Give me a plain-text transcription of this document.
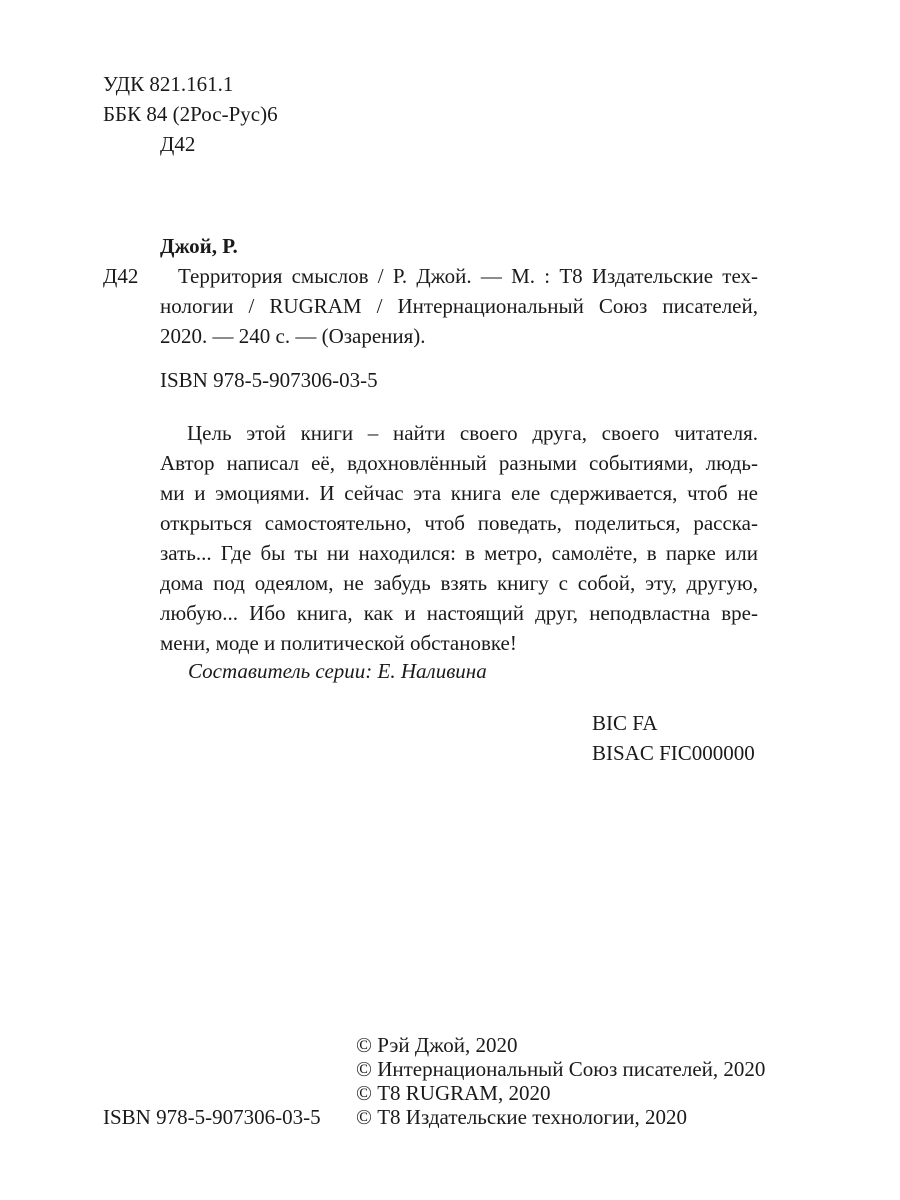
УДК 821.161.1
ББК 84 (2Рос-Рус)6
Д42
Джой, Р.
Д42 Территория смыслов / Р. Джой. — М. : Т8 Издательские тех-
нологии / RUGRAM / Интернациональный Союз писателей,
2020. — 240 с. — (Озарения).
ISBN 978-5-907306-03-5
Цель этой книги – найти своего друга, своего читателя.
Автор написал её, вдохновлённый разными событиями, людь-
ми и эмоциями. И сейчас эта книга еле сдерживается, чтоб не
открыться самостоятельно, чтоб поведать, поделиться, расска-
зать... Где бы ты ни находился: в метро, самолёте, в парке или
дома под одеялом, не забудь взять книгу с собой, эту, другую,
любую... Ибо книга, как и настоящий друг, неподвластна вре-
мени, моде и политической обстановке!
Составитель серии: Е. Наливина
BIC FA
BISAC FIC000000
© Рэй Джой, 2020
© Интернациональный Союз писателей, 2020
© Т8 RUGRAM, 2020
ISBN 978-5-907306-03-5 © Т8 Издательские технологии, 2020
